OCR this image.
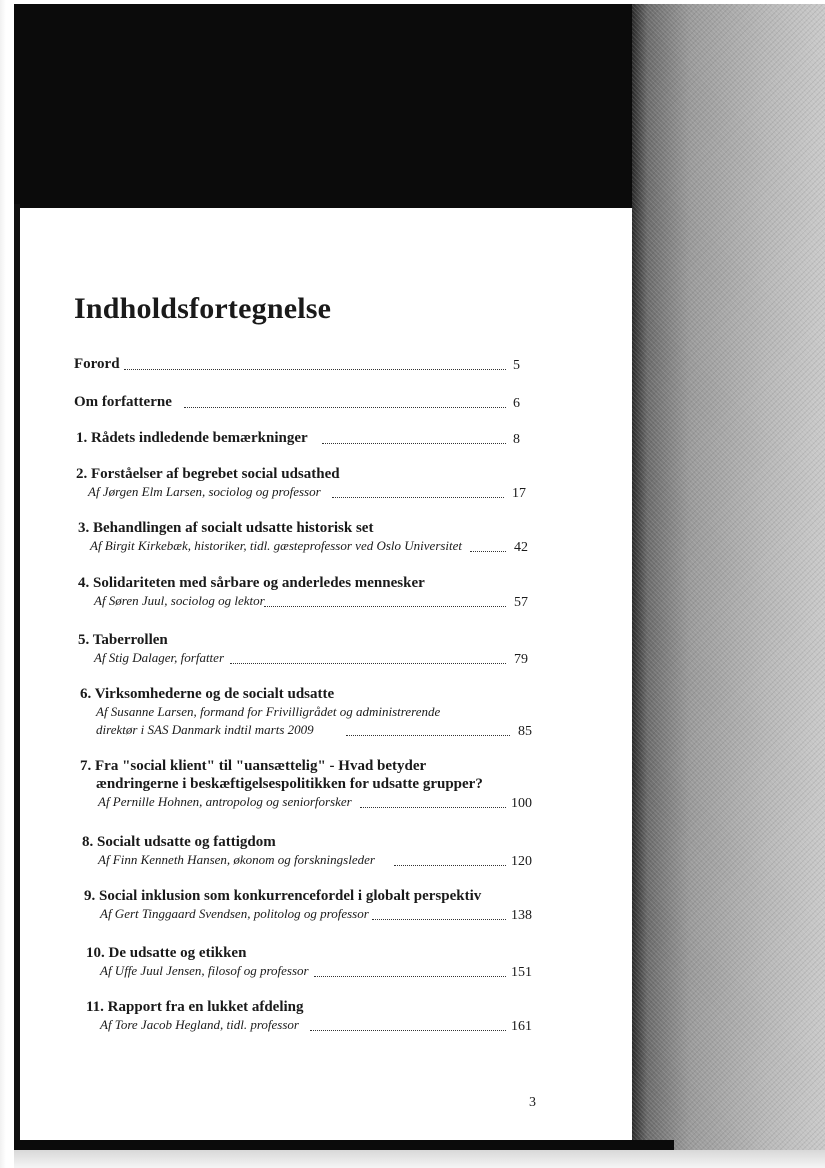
Indholdsfortegnelse
Forord	5
Om forfatterne	6
1. Rådets indledende bemærkninger	8
2. Forståelser af begrebet social udsathed
Af Jørgen Elm Larsen, sociolog og professor	17
3. Behandlingen af socialt udsatte historisk set
Af Birgit Kirkebæk, historiker, tidl. gæsteprofessor ved Oslo Universitet	42
4. Solidariteten med sårbare og anderledes mennesker
Af Søren Juul, sociolog og lektor	57
5. Taberrollen
Af Stig Dalager, forfatter	79
6. Virksomhederne og de socialt udsatte
Af Susanne Larsen, formand for Frivilligrådet og administrerende
direktør i SAS Danmark indtil marts 2009	85
7. Fra "social klient" til "uansættelig" - Hvad betyder
ændringerne i beskæftigelsespolitikken for udsatte grupper?
Af Pernille Hohnen, antropolog og seniorforsker	100
8. Socialt udsatte og fattigdom
Af Finn Kenneth Hansen, økonom og forskningsleder	120
9. Social inklusion som konkurrencefordel i globalt perspektiv
Af Gert Tinggaard Svendsen, politolog og professor	138
10. De udsatte og etikken
Af Uffe Juul Jensen, filosof og professor	151
11. Rapport fra en lukket afdeling
Af Tore Jacob Hegland, tidl. professor	161
3
